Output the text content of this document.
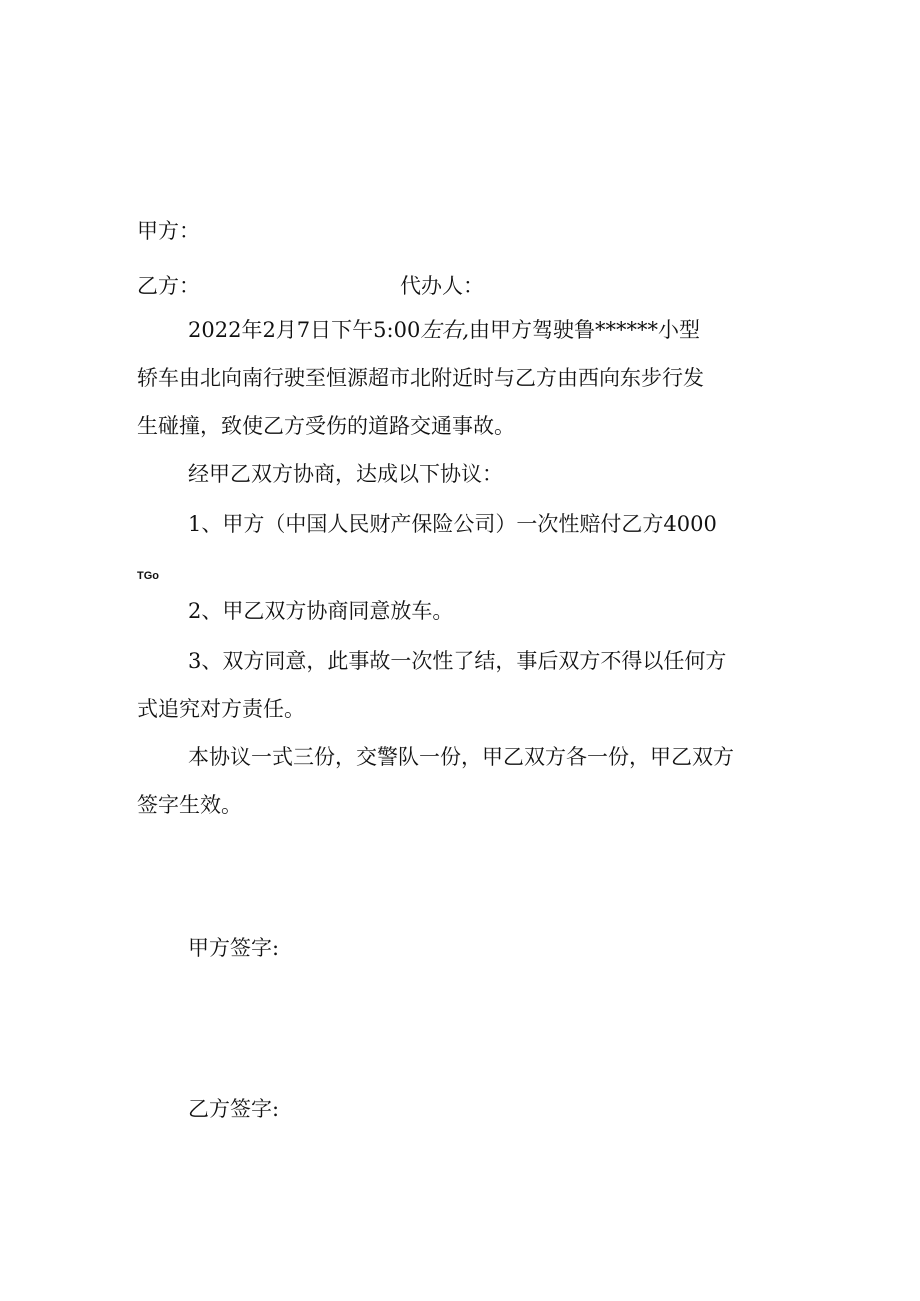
甲方：

乙方：	代办人：

2022年2月7日下午5:00左右,由甲方驾驶鲁******小型

轿车由北向南行驶至恒源超市北附近时与乙方由西向东步行发

生碰撞，致使乙方受伤的道路交通事故。

经甲乙双方协商，达成以下协议：

1、甲方（中国人民财产保险公司）一次性赔付乙方4000

TGo

2、甲乙双方协商同意放车。

3、双方同意，此事故一次性了结，事后双方不得以任何方

式追究对方责任。

本协议一式三份，交警队一份，甲乙双方各一份，甲乙双方

签字生效。

甲方签字:

乙方签字:
